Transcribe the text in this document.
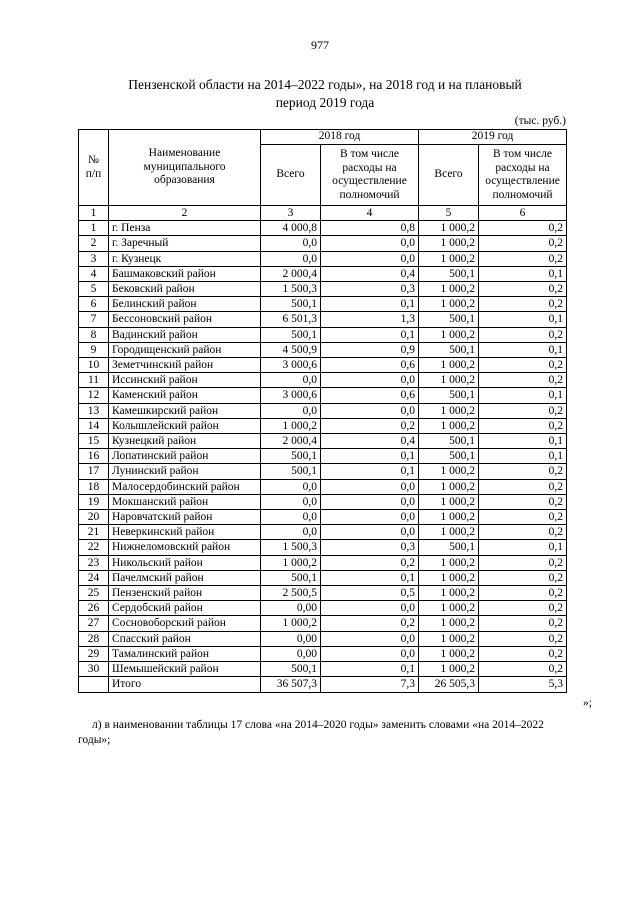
977
Пензенской области на 2014–2022 годы», на 2018 год и на плановый
период 2019 года
(тыс. руб.)
№ п/п	Наименование муниципального образования	2018 год		2019 год	
		Всего	В том числе расходы на осуществление полномочий	Всего	В том числе расходы на осуществление полномочий
1	2	3	4	5	6
1	г. Пенза	4 000,8	0,8	1 000,2	0,2
2	г. Заречный	0,0	0,0	1 000,2	0,2
3	г. Кузнецк	0,0	0,0	1 000,2	0,2
4	Башмаковский район	2 000,4	0,4	500,1	0,1
5	Бековский район	1 500,3	0,3	1 000,2	0,2
6	Белинский район	500,1	0,1	1 000,2	0,2
7	Бессоновский район	6 501,3	1,3	500,1	0,1
8	Вадинский район	500,1	0,1	1 000,2	0,2
9	Городищенский район	4 500,9	0,9	500,1	0,1
10	Земетчинский район	3 000,6	0,6	1 000,2	0,2
11	Иссинский район	0,0	0,0	1 000,2	0,2
12	Каменский район	3 000,6	0,6	500,1	0,1
13	Камешкирский район	0,0	0,0	1 000,2	0,2
14	Колышлейский район	1 000,2	0,2	1 000,2	0,2
15	Кузнецкий район	2 000,4	0,4	500,1	0,1
16	Лопатинский район	500,1	0,1	500,1	0,1
17	Лунинский район	500,1	0,1	1 000,2	0,2
18	Малосердобинский район	0,0	0,0	1 000,2	0,2
19	Мокшанский район	0,0	0,0	1 000,2	0,2
20	Наровчатский район	0,0	0,0	1 000,2	0,2
21	Неверкинский район	0,0	0,0	1 000,2	0,2
22	Нижнеломовский район	1 500,3	0,3	500,1	0,1
23	Никольский район	1 000,2	0,2	1 000,2	0,2
24	Пачелмский район	500,1	0,1	1 000,2	0,2
25	Пензенский район	2 500,5	0,5	1 000,2	0,2
26	Сердобский район	0,00	0,0	1 000,2	0,2
27	Сосновоборский район	1 000,2	0,2	1 000,2	0,2
28	Спасский район	0,00	0,0	1 000,2	0,2
29	Тамалинский район	0,00	0,0	1 000,2	0,2
30	Шемышейский район	500,1	0,1	1 000,2	0,2
	Итого	36 507,3	7,3	26 505,3	5,3
»;
л) в наименовании таблицы 17 слова «на 2014–2020 годы» заменить словами «на 2014–2022 годы»;
